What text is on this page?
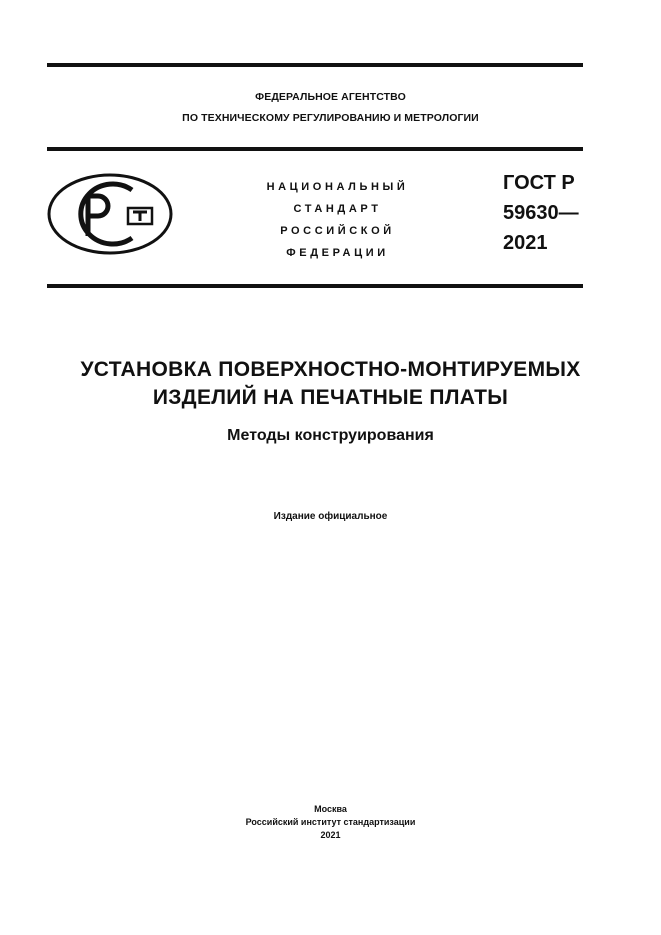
ФЕДЕРАЛЬНОЕ АГЕНТСТВО
ПО ТЕХНИЧЕСКОМУ РЕГУЛИРОВАНИЮ И МЕТРОЛОГИИ
НАЦИОНАЛЬНЫЙ
СТАНДАРТ
РОССИЙСКОЙ
ФЕДЕРАЦИИ
ГОСТ Р
59630—
2021
УСТАНОВКА ПОВЕРХНОСТНО-МОНТИРУЕМЫХ
ИЗДЕЛИЙ НА ПЕЧАТНЫЕ ПЛАТЫ
Методы конструирования
Издание официальное
Москва
Российский институт стандартизации
2021
